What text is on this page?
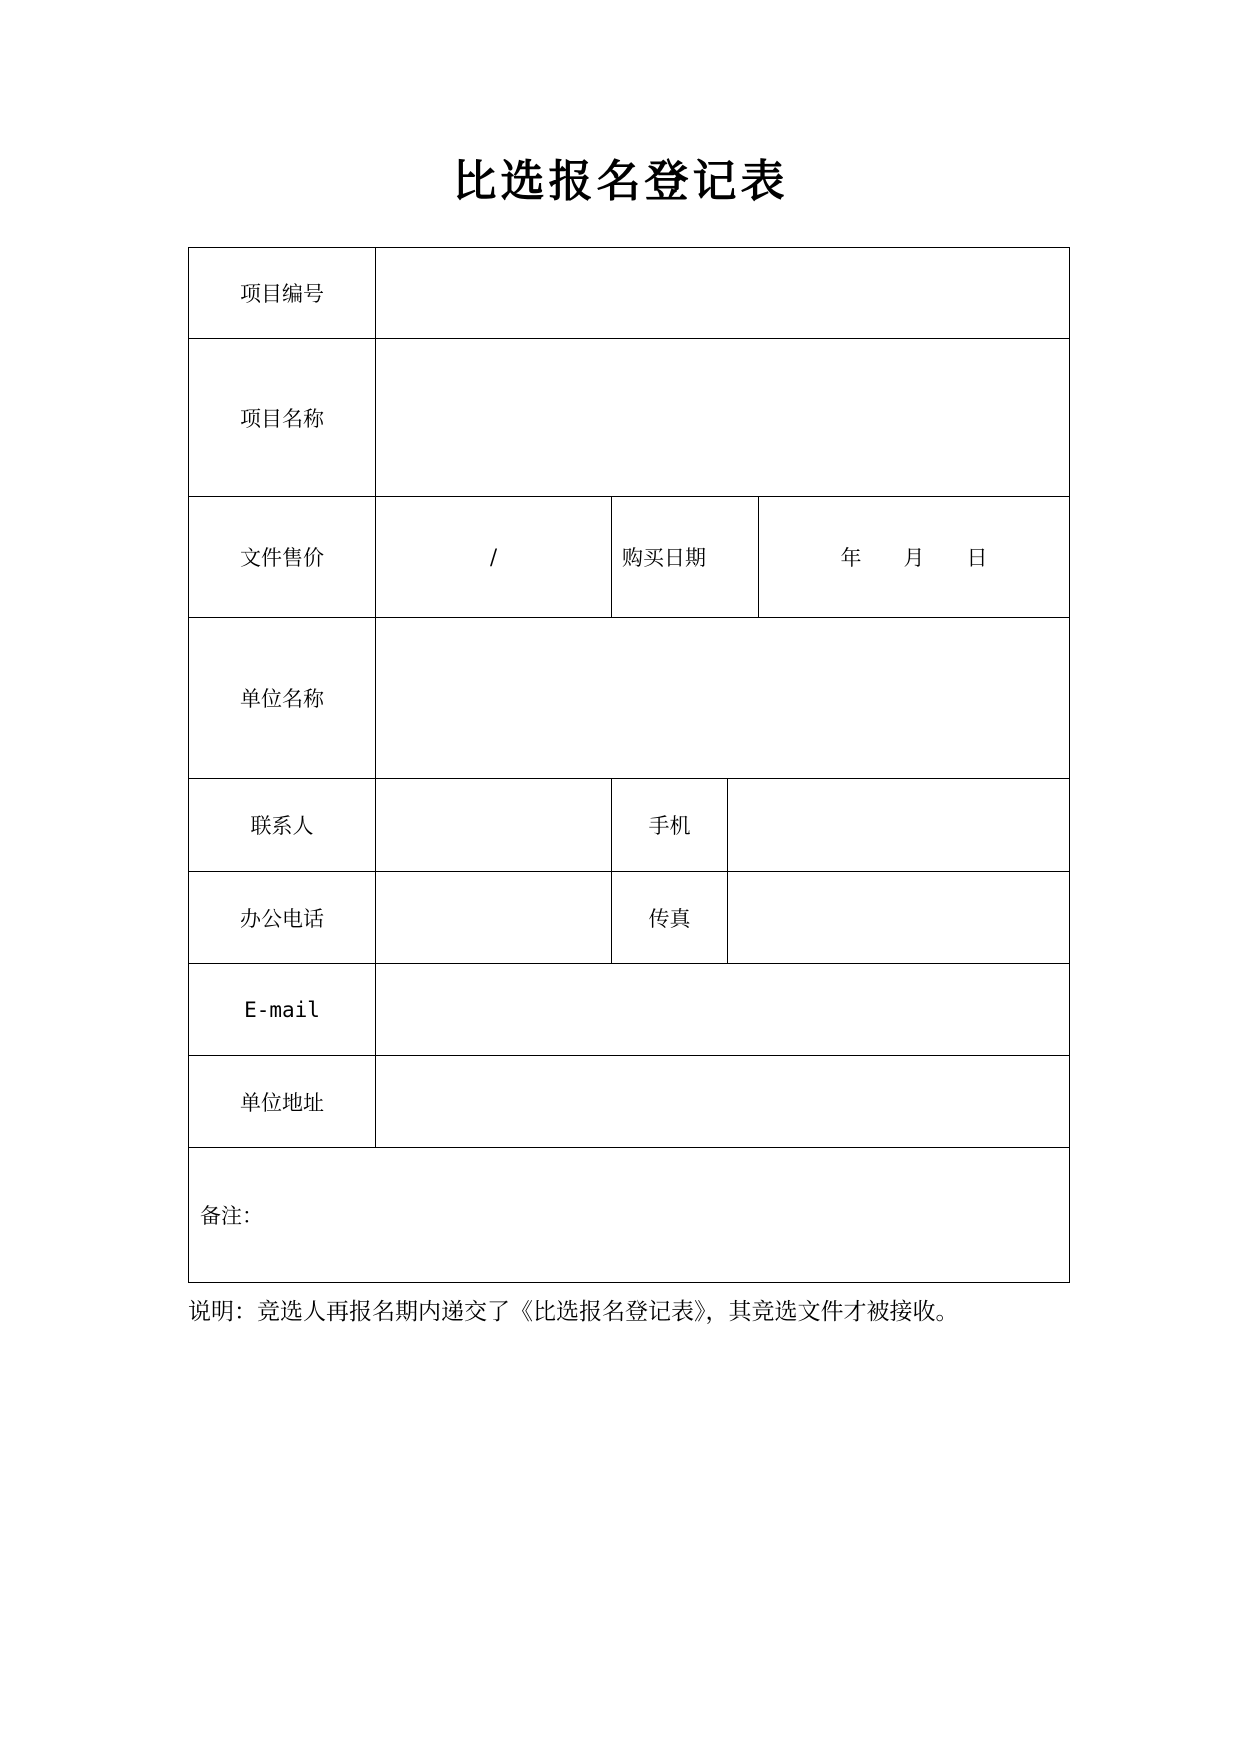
比选报名登记表
项目编号				

项目名称				

文件售价	/	购买日期		年　　月　　日
单位名称				

联系人		手机		

办公电话		传真		

E-mail				

单位地址				

备注：				
说明：竞选人再报名期内递交了《比选报名登记表》，其竞选文件才被接收。
